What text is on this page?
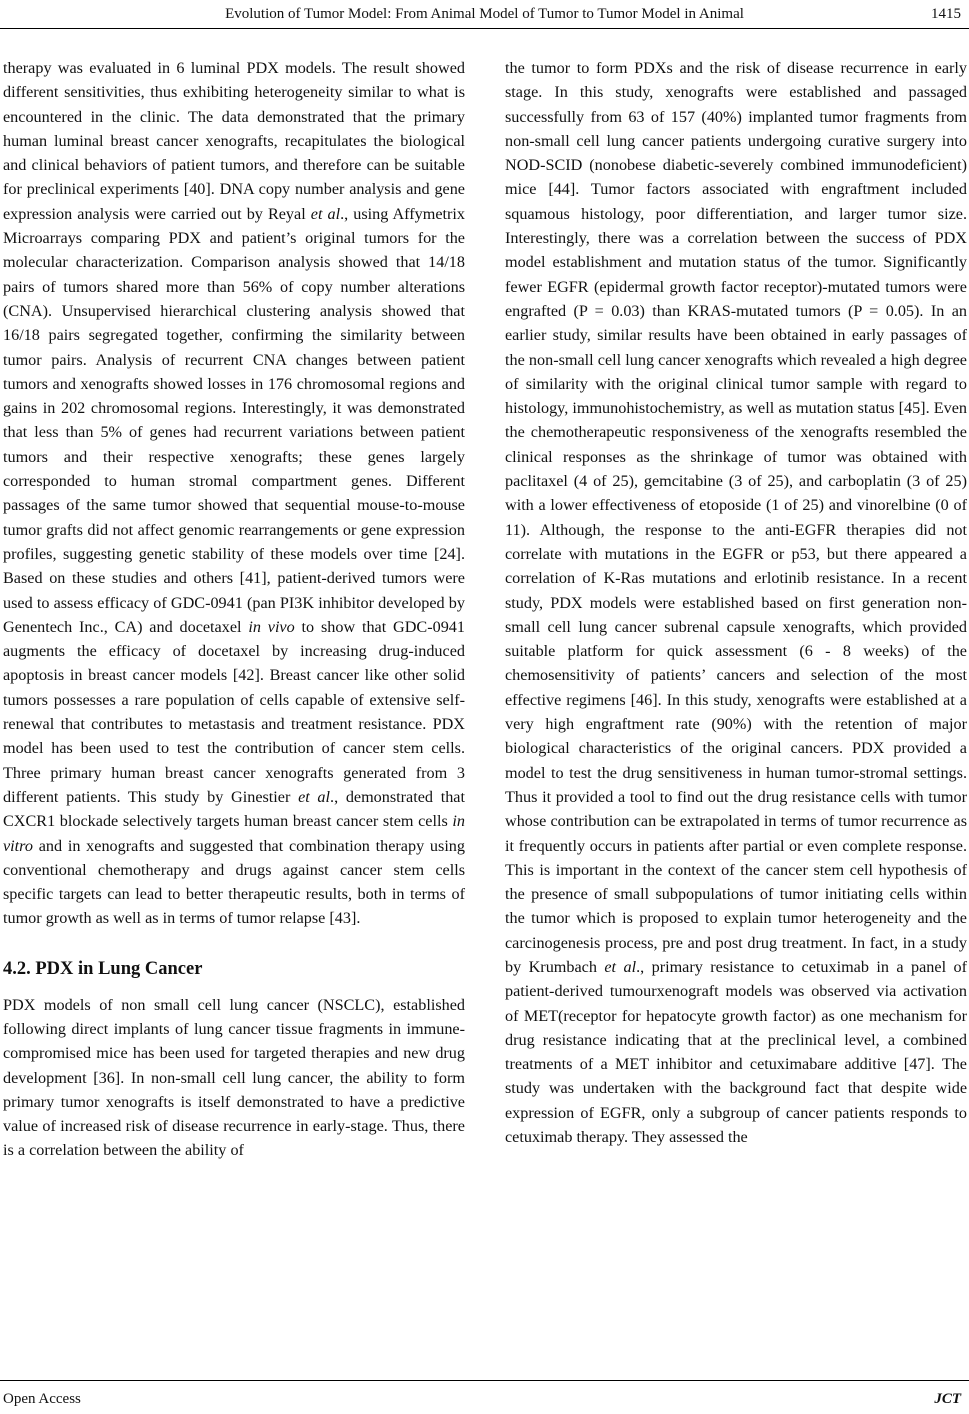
Evolution of Tumor Model: From Animal Model of Tumor to Tumor Model in Animal	1415

therapy was evaluated in 6 luminal PDX models. The result showed different sensitivities, thus exhibiting heterogeneity similar to what is encountered in the clinic. The data demonstrated that the primary human luminal breast cancer xenografts, recapitulates the biological and clinical behaviors of patient tumors, and therefore can be suitable for preclinical experiments [40]. DNA copy number analysis and gene expression analysis were carried out by Reyal et al., using Affymetrix Microarrays comparing PDX and patient’s original tumors for the molecular characterization. Comparison analysis showed that 14/18 pairs of tumors shared more than 56% of copy number alterations (CNA). Unsupervised hierarchical clustering analysis showed that 16/18 pairs segregated together, confirming the similarity between tumor pairs. Analysis of recurrent CNA changes between patient tumors and xenografts showed losses in 176 chromosomal regions and gains in 202 chromosomal regions. Interestingly, it was demonstrated that less than 5% of genes had recurrent variations between patient tumors and their respective xenografts; these genes largely corresponded to human stromal compartment genes. Different passages of the same tumor showed that sequential mouse-to-mouse tumor grafts did not affect genomic rearrangements or gene expression profiles, suggesting genetic stability of these models over time [24]. Based on these studies and others [41], patient-derived tumors were used to assess efficacy of GDC-0941 (pan PI3K inhibitor developed by Genentech Inc., CA) and docetaxel in vivo to show that GDC-0941 augments the efficacy of docetaxel by increasing drug-induced apoptosis in breast cancer models [42]. Breast cancer like other solid tumors possesses a rare population of cells capable of extensive self-renewal that contributes to metastasis and treatment resistance. PDX model has been used to test the contribution of cancer stem cells. Three primary human breast cancer xenografts generated from 3 different patients. This study by Ginestier et al., demonstrated that CXCR1 blockade selectively targets human breast cancer stem cells in vitro and in xenografts and suggested that combination therapy using conventional chemotherapy and drugs against cancer stem cells specific targets can lead to better therapeutic results, both in terms of tumor growth as well as in terms of tumor relapse [43].

4.2. PDX in Lung Cancer

PDX models of non small cell lung cancer (NSCLC), established following direct implants of lung cancer tissue fragments in immune-compromised mice has been used for targeted therapies and new drug development [36]. In non-small cell lung cancer, the ability to form primary tumor xenografts is itself demonstrated to have a predictive value of increased risk of disease recurrence in early-stage. Thus, there is a correlation between the ability of

the tumor to form PDXs and the risk of disease recurrence in early stage. In this study, xenografts were established and passaged successfully from 63 of 157 (40%) implanted tumor fragments from non-small cell lung cancer patients undergoing curative surgery into NOD-SCID (nonobese diabetic-severely combined immunodeficient) mice [44]. Tumor factors associated with engraftment included squamous histology, poor differentiation, and larger tumor size. Interestingly, there was a correlation between the success of PDX model establishment and mutation status of the tumor. Significantly fewer EGFR (epidermal growth factor receptor)-mutated tumors were engrafted (P = 0.03) than KRAS-mutated tumors (P = 0.05). In an earlier study, similar results have been obtained in early passages of the non-small cell lung cancer xenografts which revealed a high degree of similarity with the original clinical tumor sample with regard to histology, immunohistochemistry, as well as mutation status [45]. Even the chemotherapeutic responsiveness of the xenografts resembled the clinical responses as the shrinkage of tumor was obtained with paclitaxel (4 of 25), gemcitabine (3 of 25), and carboplatin (3 of 25) with a lower effectiveness of etoposide (1 of 25) and vinorelbine (0 of 11). Although, the response to the anti-EGFR therapies did not correlate with mutations in the EGFR or p53, but there appeared a correlation of K-Ras mutations and erlotinib resistance. In a recent study, PDX models were established based on first generation non-small cell lung cancer subrenal capsule xenografts, which provided suitable platform for quick assessment (6 - 8 weeks) of the chemosensitivity of patients’ cancers and selection of the most effective regimens [46]. In this study, xenografts were established at a very high engraftment rate (90%) with the retention of major biological characteristics of the original cancers. PDX provided a model to test the drug sensitiveness in human tumor-stromal settings. Thus it provided a tool to find out the drug resistance cells with tumor whose contribution can be extrapolated in terms of tumor recurrence as it frequently occurs in patients after partial or even complete response. This is important in the context of the cancer stem cell hypothesis of the presence of small subpopulations of tumor initiating cells within the tumor which is proposed to explain tumor heterogeneity and the carcinogenesis process, pre and post drug treatment. In fact, in a study by Krumbach et al., primary resistance to cetuximab in a panel of patient-derived tumourxenograft models was observed via activation of MET(receptor for hepatocyte growth factor) as one mechanism for drug resistance indicating that at the preclinical level, a combined treatments of a MET inhibitor and cetuximabare additive [47]. The study was undertaken with the background fact that despite wide expression of EGFR, only a subgroup of cancer patients responds to cetuximab therapy. They assessed the

Open Access	JCT
